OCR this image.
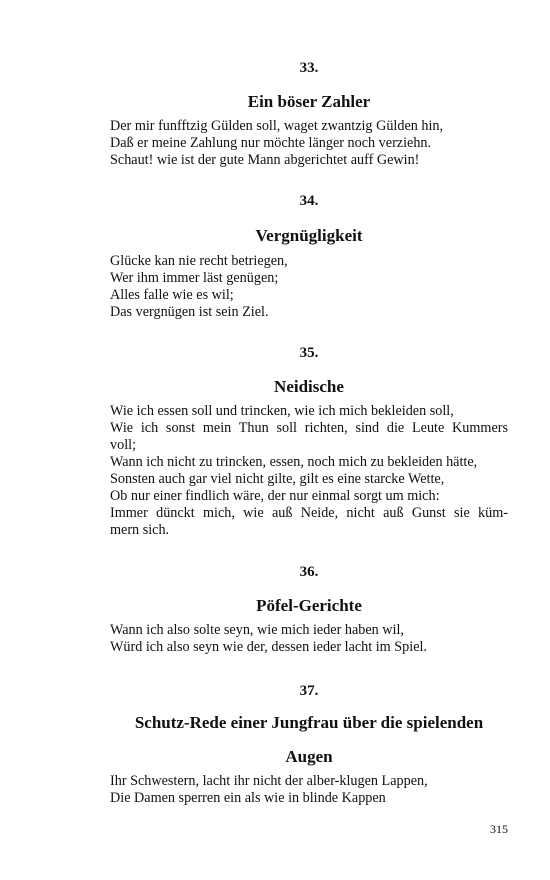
33.
Ein böser Zahler
Der mir funfftzig Gülden soll, waget zwantzig Gülden hin,
Daß er meine Zahlung nur möchte länger noch verziehn.
Schaut! wie ist der gute Mann abgerichtet auff Gewin!
34.
Vergnügligkeit
Glücke kan nie recht betriegen,
Wer ihm immer läst genügen;
Alles falle wie es wil;
Das vergnügen ist sein Ziel.
35.
Neidische
Wie ich essen soll und trincken, wie ich mich bekleiden soll,
Wie ich sonst mein Thun soll richten, sind die Leute Kummers
voll;
Wann ich nicht zu trincken, essen, noch mich zu bekleiden hätte,
Sonsten auch gar viel nicht gilte, gilt es eine starcke Wette,
Ob nur einer findlich wäre, der nur einmal sorgt um mich:
Immer dünckt mich, wie auß Neide, nicht auß Gunst sie küm-
mern sich.
36.
Pöfel-Gerichte
Wann ich also solte seyn, wie mich ieder haben wil,
Würd ich also seyn wie der, dessen ieder lacht im Spiel.
37.
Schutz-Rede einer Jungfrau über die spielenden
Augen
Ihr Schwestern, lacht ihr nicht der alber-klugen Lappen,
Die Damen sperren ein als wie in blinde Kappen
315
